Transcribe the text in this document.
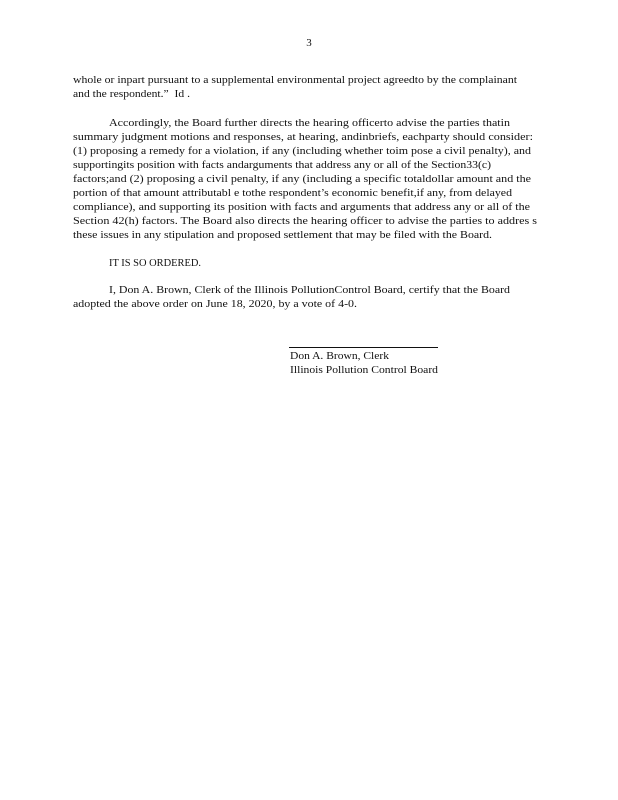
3
whole or inpart pursuant to a supplemental environmental project agreedto by the complainant
and the respondent.”  Id .
Accordingly, the Board further directs the hearing officerto advise the parties thatin
summary judgment motions and responses, at hearing, andinbriefs, eachparty should consider:
(1) proposing a remedy for a violation, if any (including whether toim pose a civil penalty), and
supportingits position with facts andarguments that address any or all of the Section33(c)
factors;and (2) proposing a civil penalty, if any (including a specific totaldollar amount and the
portion of that amount attributabl e tothe respondent’s economic benefit,if any, from delayed
compliance), and supporting its position with facts and arguments that address any or all of the
Section 42(h) factors. The Board also directs the hearing officer to advise the parties to addres s
these issues in any stipulation and proposed settlement that may be filed with the Board.
IT IS SO ORDERED.
I, Don A. Brown, Clerk of the Illinois PollutionControl Board, certify that the Board
adopted the above order on June 18, 2020, by a vote of 4-0.
Don A. Brown, Clerk
Illinois Pollution Control Board
